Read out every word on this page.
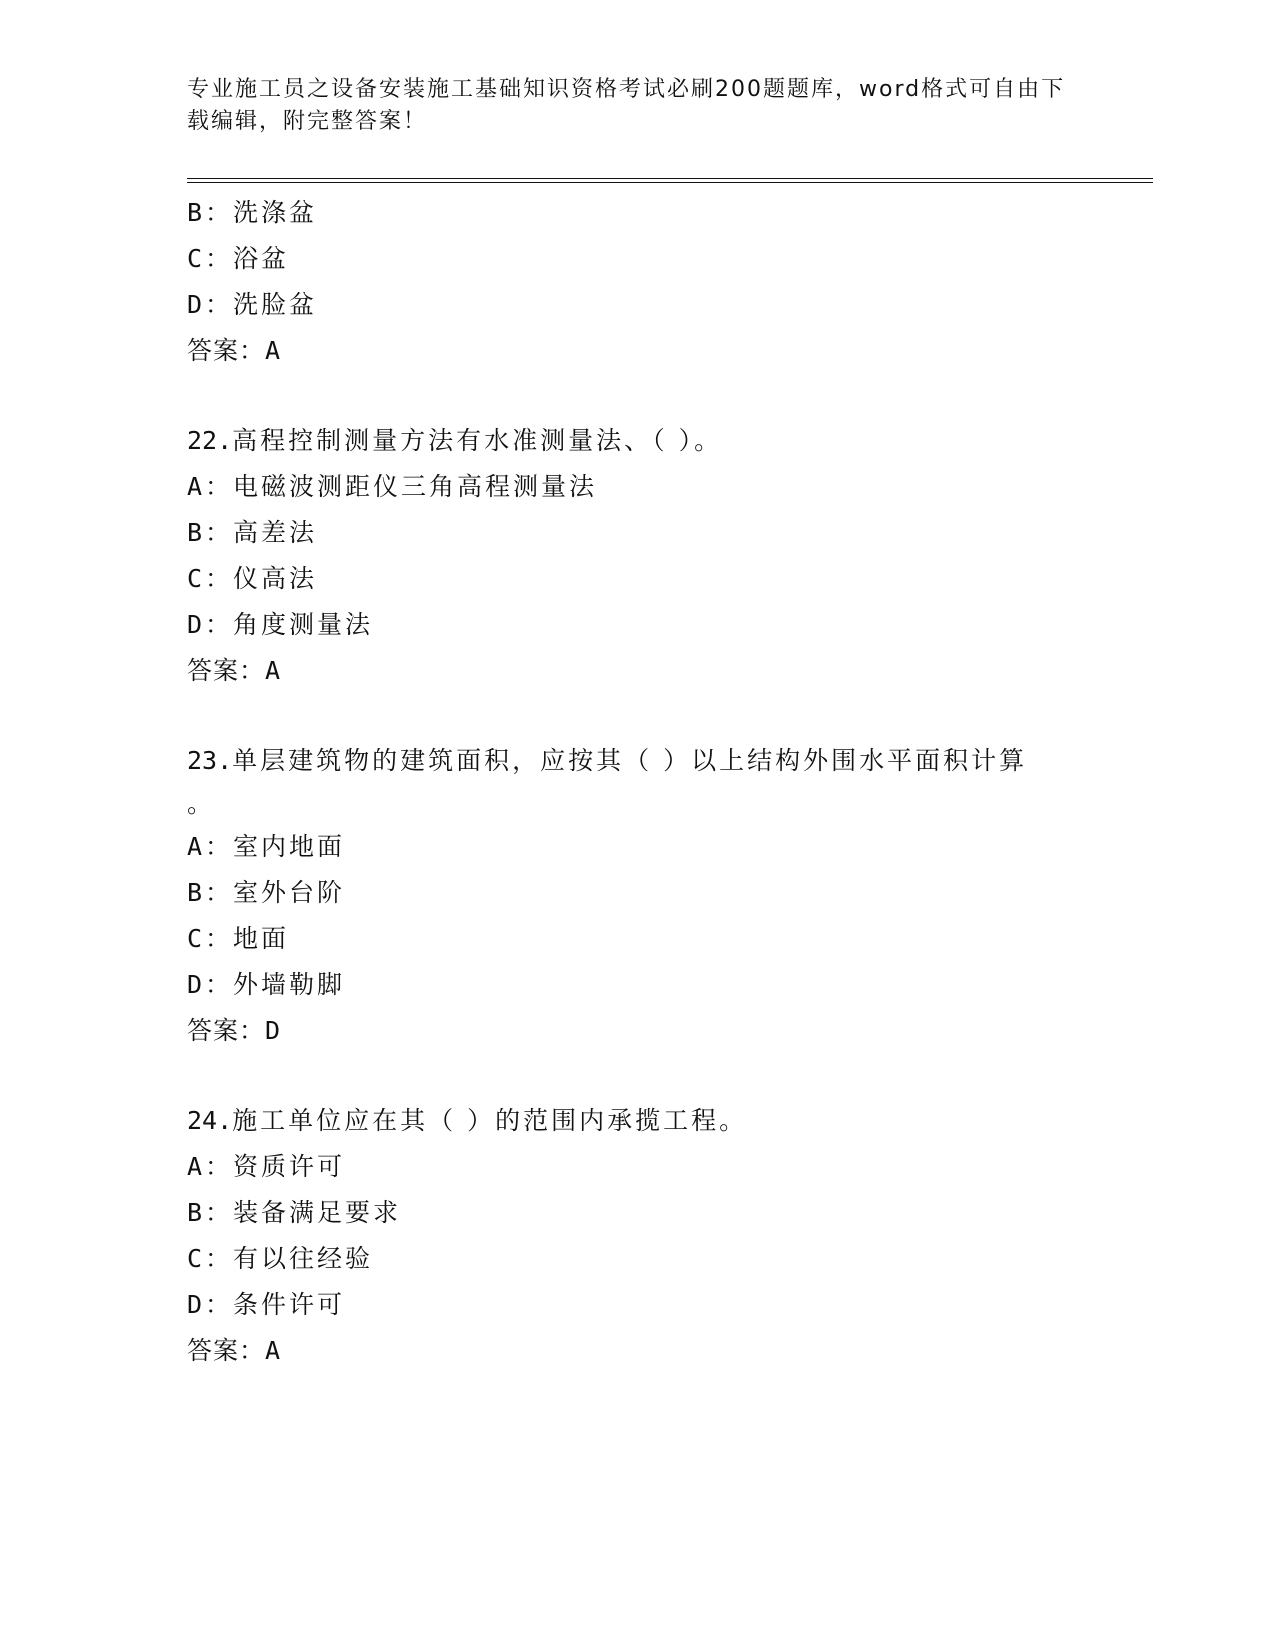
专业施工员之设备安装施工基础知识资格考试必刷200题题库，word格式可自由下载编辑，附完整答案！
B：洗涤盆
C：浴盆
D：洗脸盆
答案：A
22.高程控制测量方法有水准测量法、（ ）。
A：电磁波测距仪三角高程测量法
B：高差法
C：仪高法
D：角度测量法
答案：A
23.单层建筑物的建筑面积，应按其（ ）以上结构外围水平面积计算
。
A：室内地面
B：室外台阶
C：地面
D：外墙勒脚
答案：D
24.施工单位应在其（ ）的范围内承揽工程。
A：资质许可
B：装备满足要求
C：有以往经验
D：条件许可
答案：A
